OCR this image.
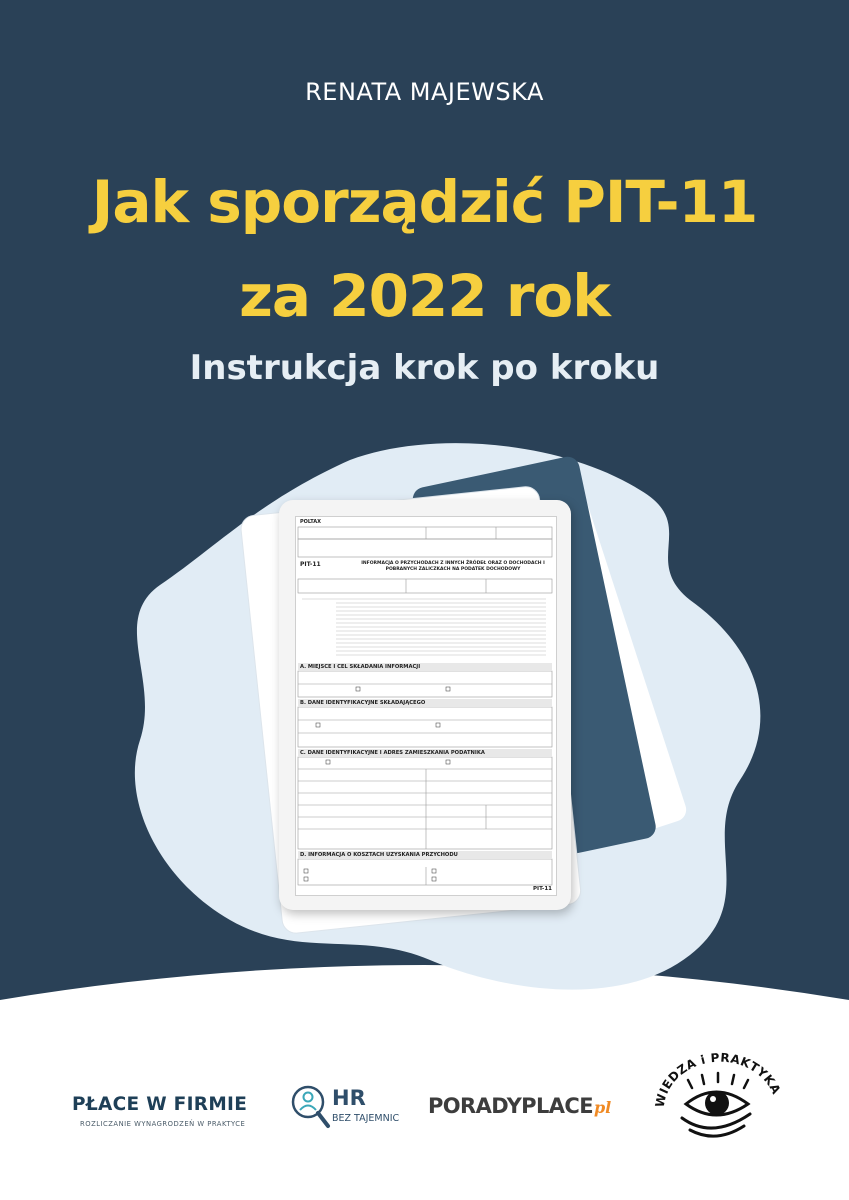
RENATA MAJEWSKA
Jak sporządzić PIT-11
za 2022 rok
Instrukcja krok po kroku
POLTAX
PIT-11	INFORMACJA O PRZYCHODACH Z INNYCH ŹRÓDEŁ ORAZ O DOCHODACH I POBRANYCH ZALICZKACH NA PODATEK DOCHODOWY
A. MIEJSCE I CEL SKŁADANIA INFORMACJI
B. DANE IDENTYFIKACYJNE SKŁADAJĄCEGO
C. DANE IDENTYFIKACYJNE I ADRES ZAMIESZKANIA PODATNIKA
D. INFORMACJA O KOSZTACH UZYSKANIA PRZYCHODU
PIT-11
PŁACE W FIRMIE
ROZLICZANIE WYNAGRODZEŃ W PRAKTYCE
HR
BEZ TAJEMNIC
PORADYPLACEpl	WIEDZA i PRAKTYKA
